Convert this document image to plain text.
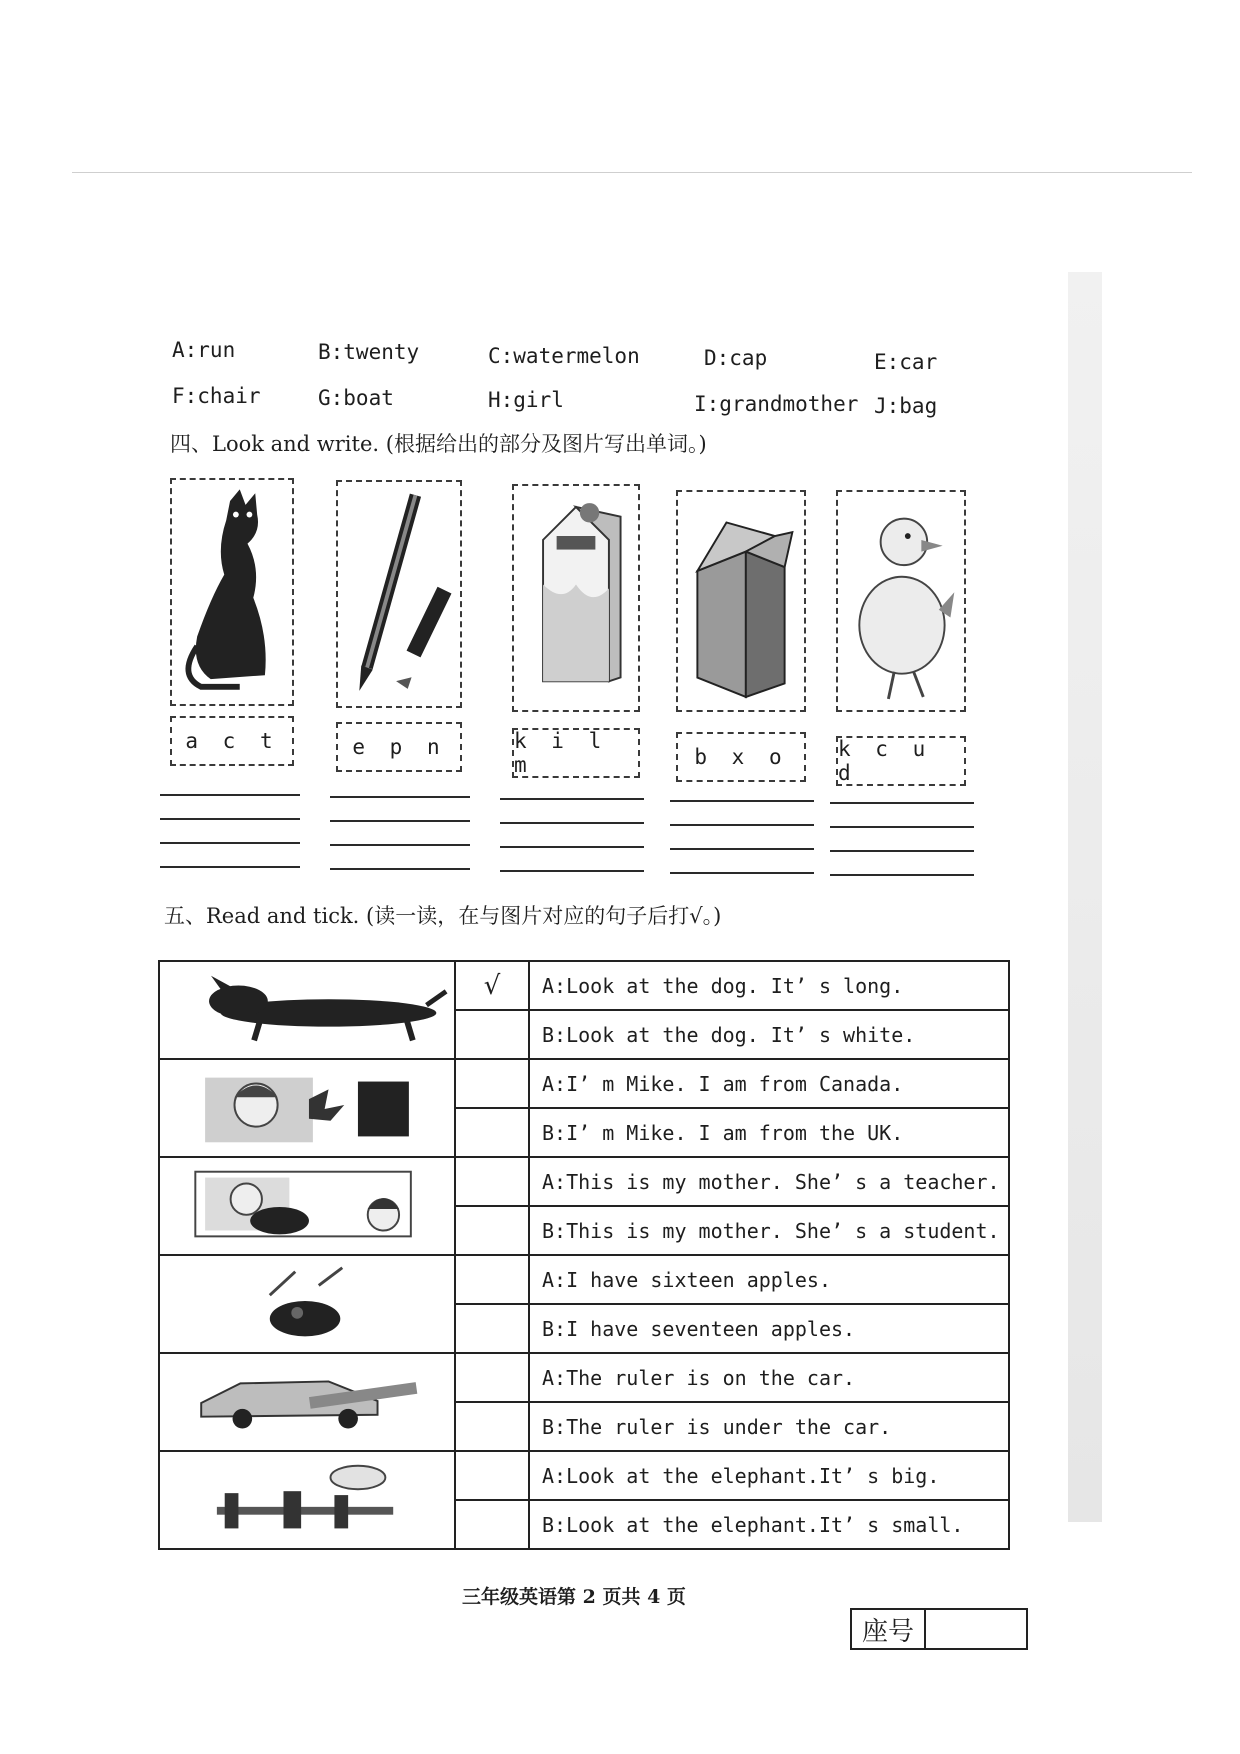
A:run	B:twenty	C:watermelon	D:cap	E:car
F:chair	G:boat	H:girl	I:grandmother J:bag
四、Look and write. (根据给出的部分及图片写出单词。)
a c t	e p n	k i l m	b x o	k c u d
五、Read and tick. (读一读，在与图片对应的句子后打√。)
	√	A:Look at the dog. It’ s long.
		B:Look at the dog. It’ s white.

		A:I’ m Mike. I am from Canada.
		B:I’ m Mike. I am from the UK.

		A:This is my mother. She’ s a teacher.
		B:This is my mother. She’ s a student.

		A:I have sixteen apples.
		B:I have seventeen apples.

		A:The ruler is on the car.
		B:The ruler is under the car.

		A:Look at the elephant.It’ s big.
		B:Look at the elephant.It’ s small.
三年级英语第 2 页共 4 页
座号
